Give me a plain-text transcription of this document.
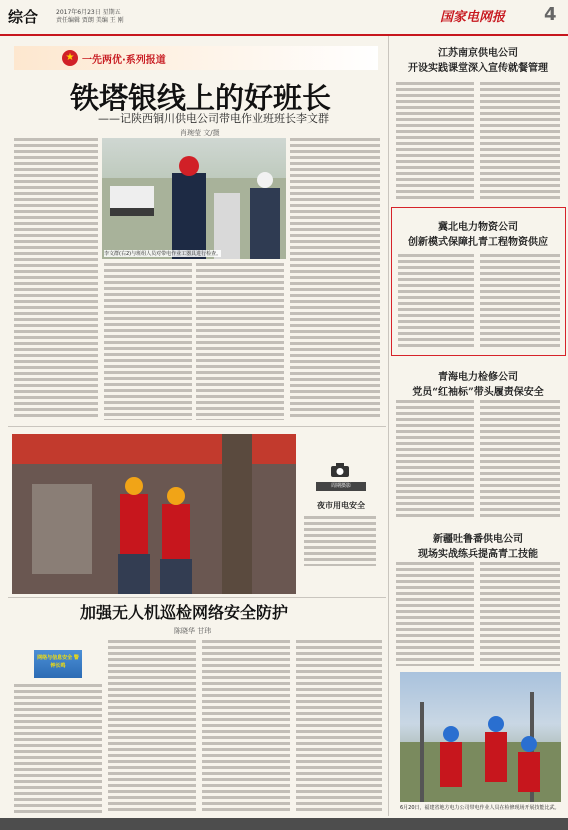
综合	2017年6月23日 星期五
责任编辑 贾朗 美编 王 刚	国家电网报 4
★ 一先两优·系列报道
铁塔银线上的好班长
——记陕西铜川供电公司带电作业班班长李文群
肖琬莹 文/摄
李文群(右2)与班组人员对带电作业工器具进行检查。
周期摄影
夜市用电安全
加强无人机巡检网络安全防护
陈晓华 甘玮
网络与信息安全 警钟长鸣
江苏南京供电公司
开设实践课堂深入宣传就餐管理
冀北电力物资公司
创新模式保障扎青工程物资供应
青海电力检修公司
党员“红袖标”带头履责保安全
新疆吐鲁番供电公司
现场实战练兵提高青工技能
6月20日，福建省地方电力公司带电作业人员在检修现场开展技能比武。
